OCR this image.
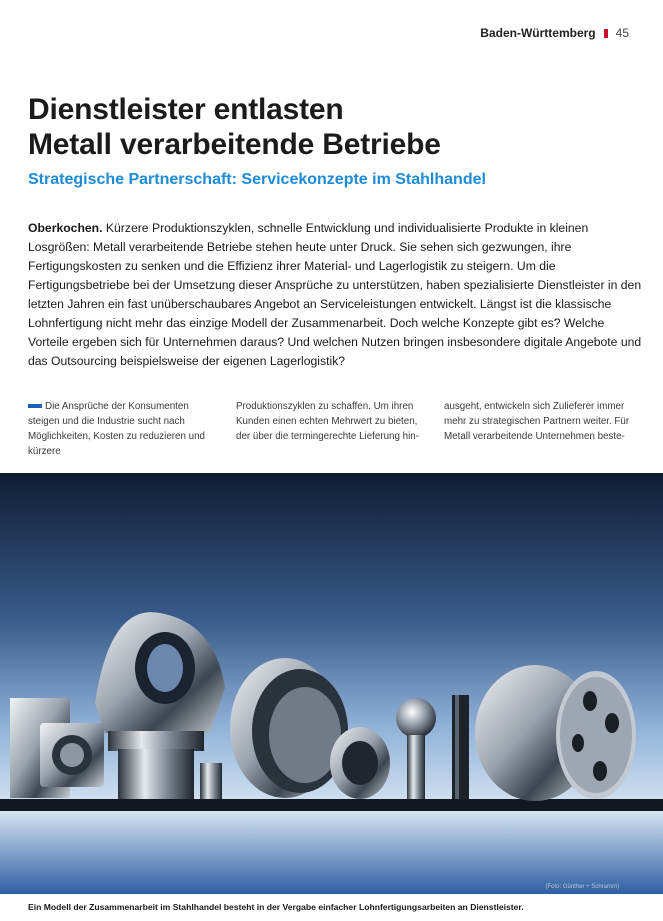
Baden-Württemberg 45
Dienstleister entlasten
Metall verarbeitende Betriebe
Strategische Partnerschaft: Servicekonzepte im Stahlhandel
Oberkochen. Kürzere Produktionszyklen, schnelle Entwicklung und individualisierte Produkte in kleinen Losgrößen: Metall verarbeitende Betriebe stehen heute unter Druck. Sie sehen sich gezwungen, ihre Fertigungskosten zu senken und die Effizienz ihrer Material- und Lagerlogistik zu steigern. Um die Fertigungsbetriebe bei der Umsetzung dieser Ansprüche zu unterstützen, haben spezialisierte Dienstleister in den letzten Jahren ein fast unüberschaubares Angebot an Serviceleistungen entwickelt. Längst ist die klassische Lohnfertigung nicht mehr das einzige Modell der Zusammenarbeit. Doch welche Konzepte gibt es? Welche Vorteile ergeben sich für Unternehmen daraus? Und welchen Nutzen bringen insbesondere digitale Angebote und das Outsourcing beispielsweise der eigenen Lagerlogistik?
Die Ansprüche der Konsumenten steigen und die Industrie sucht nach Möglichkeiten, Kosten zu reduzieren und kürzere
Produktionszyklen zu schaffen. Um ihren Kunden einen echten Mehrwert zu bieten, der über die termingerechte Lieferung hin-
ausgeht, entwickeln sich Zulieferer immer mehr zu strategischen Partnern weiter. Für Metall verarbeitende Unternehmen beste-
(Foto: Günther + Schramm)
Ein Modell der Zusammenarbeit im Stahlhandel besteht in der Vergabe einfacher Lohnfertigungsarbeiten an Dienstleister.
